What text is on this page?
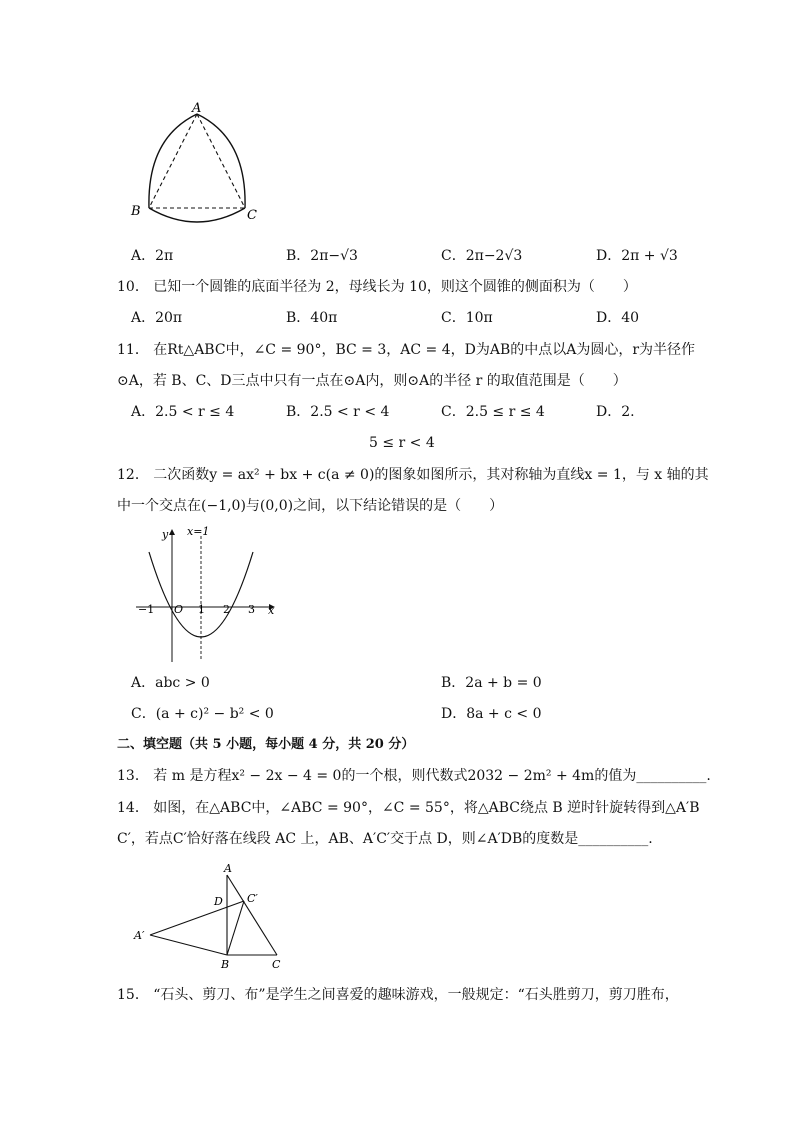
A
B	C
A．2π	B．2π−√3	C．2π−2√3	D．2π + √3
10． 已知一个圆锥的底面半径为 2，母线长为 10，则这个圆锥的侧面积为（　　）
A．20π	B．40π	C．10π	D．40
11． 在Rt△ABC中，∠C = 90°，BC = 3，AC = 4，D为AB的中点以A为圆心，r为半径作
⊙A，若 B、C、D三点中只有一点在⊙A内，则⊙A的半径 r 的取值范围是（　　）
A．2.5 < r ≤ 4	B．2.5 < r < 4	C．2.5 ≤ r ≤ 4	D．2.
5 ≤ r < 4
12． 二次函数y = ax² + bx + c(a ≠ 0)的图象如图所示，其对称轴为直线x = 1，与 x 轴的其
中一个交点在(−1,0)与(0,0)之间，以下结论错误的是（　　）
x=1
y
x
O
−1	1 2 3
A．abc > 0	B．2a + b = 0
C．(a + c)² − b² < 0	D．8a + c < 0
二、填空题（共 5 小题，每小题 4 分，共 20 分）
13． 若 m 是方程x² − 2x − 4 = 0的一个根，则代数式2032 − 2m² + 4m的值为__________.
14． 如图，在△ABC中，∠ABC = 90°，∠C = 55°，将△ABC绕点 B 逆时针旋转得到△A′B
C′，若点C′恰好落在线段 AC 上，AB、A′C′交于点 D，则∠A′DB的度数是__________.
A
D C′
A′
B	C
15． “石头、剪刀、布”是学生之间喜爱的趣味游戏，一般规定：“石头胜剪刀，剪刀胜布，
